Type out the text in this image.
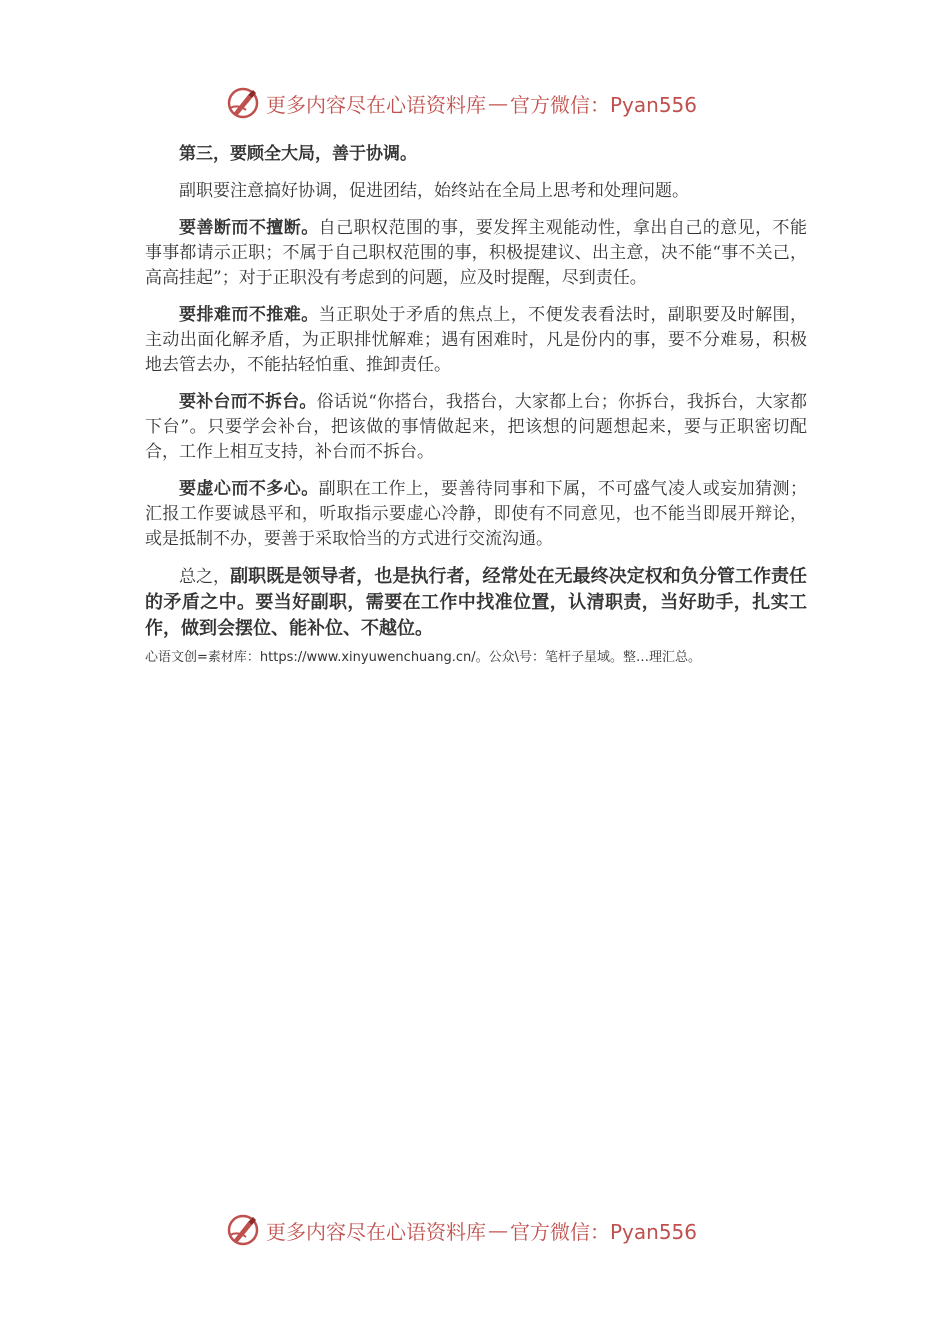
更多内容尽在心语资料库 — 官方微信：Pyan556

第三，要顾全大局，善于协调。

副职要注意搞好协调，促进团结，始终站在全局上思考和处理问题。

要善断而不擅断。自己职权范围的事，要发挥主观能动性，拿出自己的意见，不能事事都请示正职；不属于自己职权范围的事，积极提建议、出主意，决不能“事不关己，高高挂起”；对于正职没有考虑到的问题，应及时提醒，尽到责任。

要排难而不推难。当正职处于矛盾的焦点上，不便发表看法时，副职要及时解围，主动出面化解矛盾，为正职排忧解难；遇有困难时，凡是份内的事，要不分难易，积极地去管去办，不能拈轻怕重、推卸责任。

要补台而不拆台。俗话说“你搭台，我搭台，大家都上台；你拆台，我拆台，大家都下台”。只要学会补台，把该做的事情做起来，把该想的问题想起来，要与正职密切配合，工作上相互支持，补台而不拆台。

要虚心而不多心。副职在工作上，要善待同事和下属，不可盛气凌人或妄加猜测；汇报工作要诚恳平和，听取指示要虚心冷静，即使有不同意见，也不能当即展开辩论，或是抵制不办，要善于采取恰当的方式进行交流沟通。

总之，副职既是领导者，也是执行者，经常处在无最终决定权和负分管工作责任的矛盾之中。要当好副职，需要在工作中找准位置，认清职责，当好助手，扎实工作，做到会摆位、能补位、不越位。

心语文创=素材库：https://www.xinyuwenchuang.cn/。公众\号：笔杆子星域。整…理汇总。
更多内容尽在心语资料库 — 官方微信：Pyan556
